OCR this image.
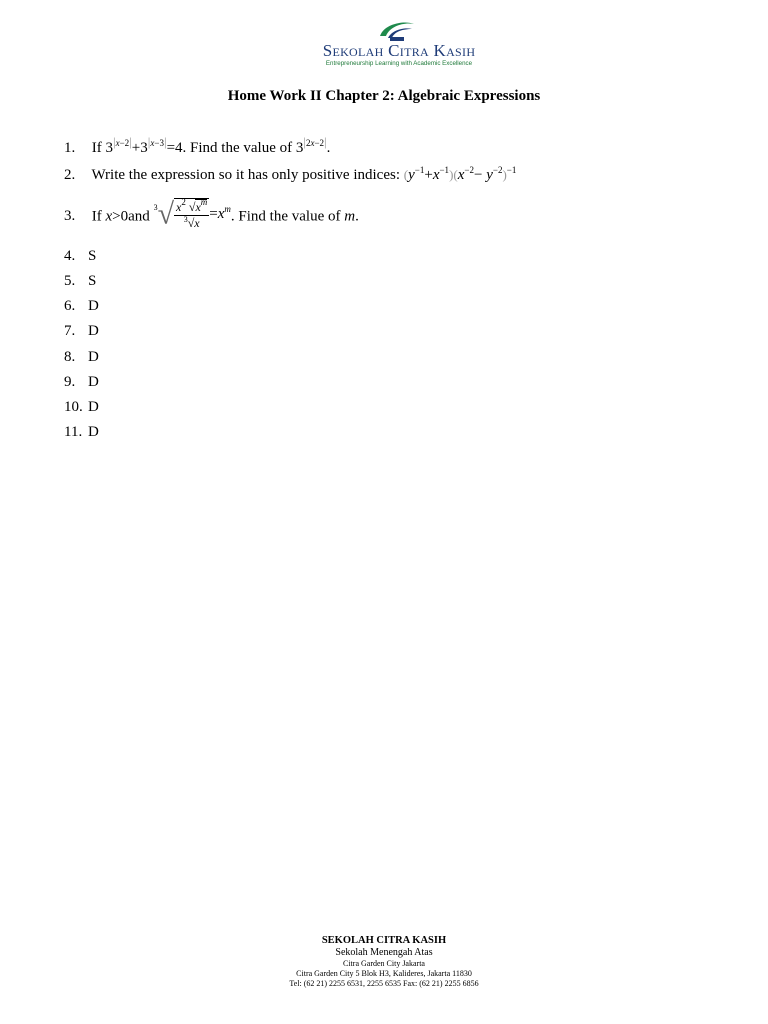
Sekolah Citra Kasih
Entrepreneurship Learning with Academic Excellence
Home Work II Chapter 2: Algebraic Expressions
1. If $3^{|x-2|}+3^{|x-3|}=4$. Find the value of $3^{|2x-2|}$.
2. Write the expression so it has only positive indices: $(y^{-1}+x^{-1})(x^{-2}- y^{-2})^{-1}$
3. If x>0and $^3√ \frac{x^2 √x^m}{^3√x} =x^m$. Find the value of m.
4. S
5. S
6. D
7. D
8. D
9. D
10. D
11. D
SEKOLAH CITRA KASIH
Sekolah Menengah Atas
Citra Garden City Jakarta
Citra Garden City 5 Blok H3, Kalideres, Jakarta 11830
Tel: (62 21) 2255 6531, 2255 6535 Fax: (62 21) 2255 6856
